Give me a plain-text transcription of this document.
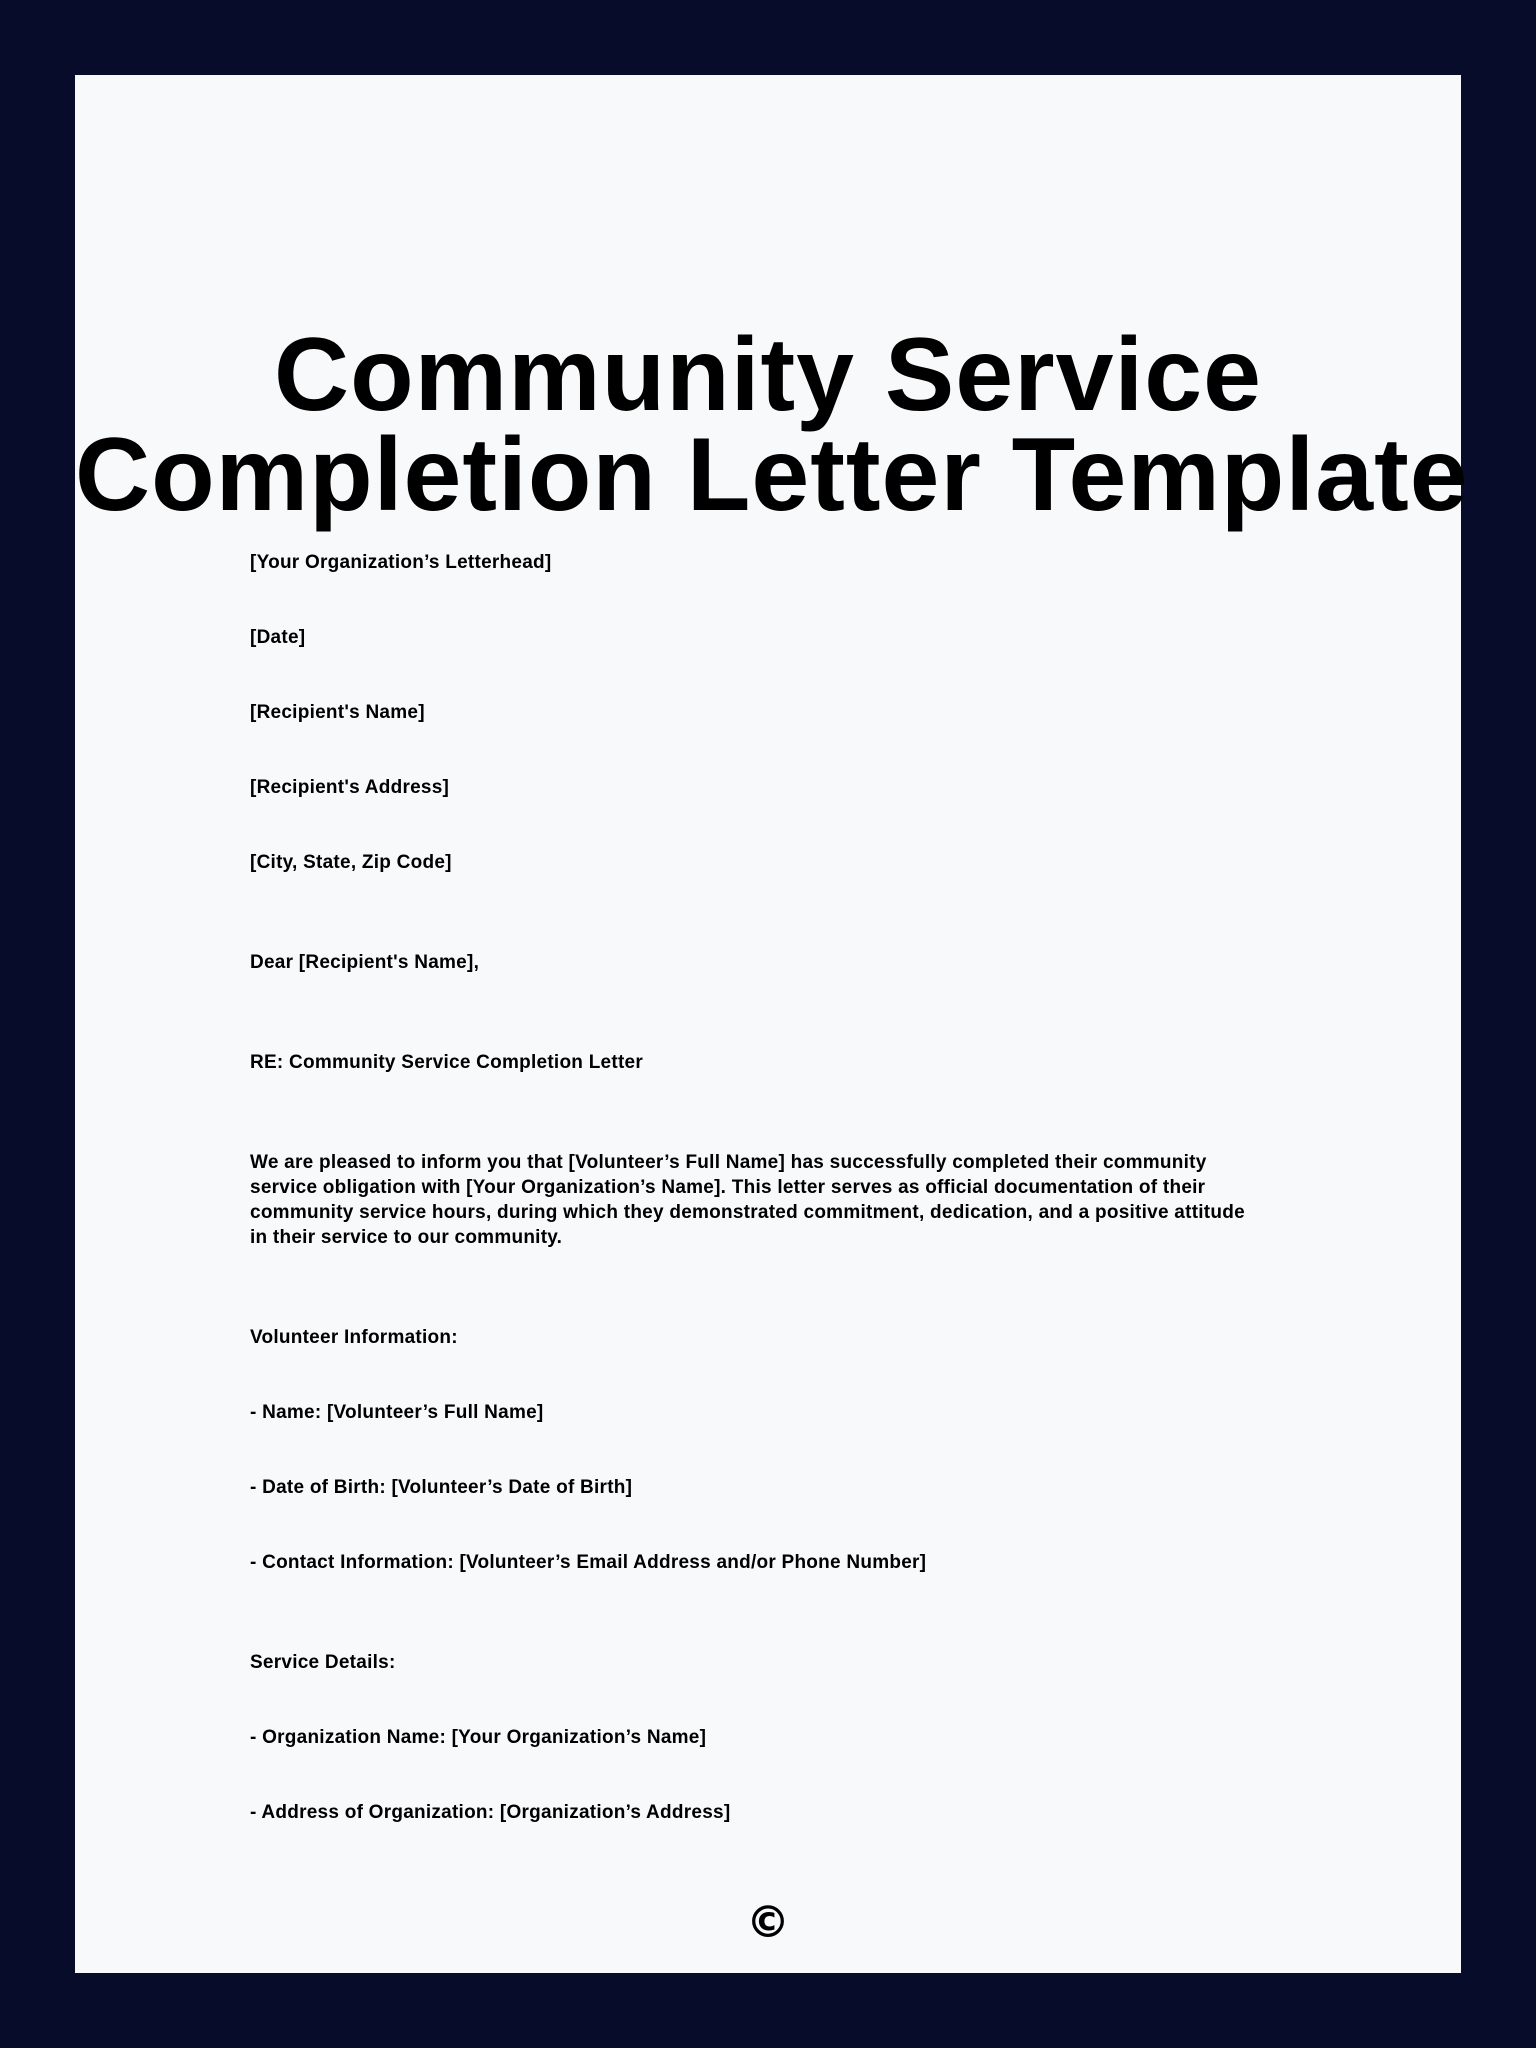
Community Service
Completion Letter Template
[Your Organization’s Letterhead]
[Date]
[Recipient's Name]
[Recipient's Address]
[City, State, Zip Code]
Dear [Recipient's Name],
RE: Community Service Completion Letter
We are pleased to inform you that [Volunteer’s Full Name] has successfully completed their community
service obligation with [Your Organization’s Name]. This letter serves as official documentation of their
community service hours, during which they demonstrated commitment, dedication, and a positive attitude
in their service to our community.
Volunteer Information:
- Name: [Volunteer’s Full Name]
- Date of Birth: [Volunteer’s Date of Birth]
- Contact Information: [Volunteer’s Email Address and/or Phone Number]
Service Details:
- Organization Name: [Your Organization’s Name]
- Address of Organization: [Organization’s Address]
©
